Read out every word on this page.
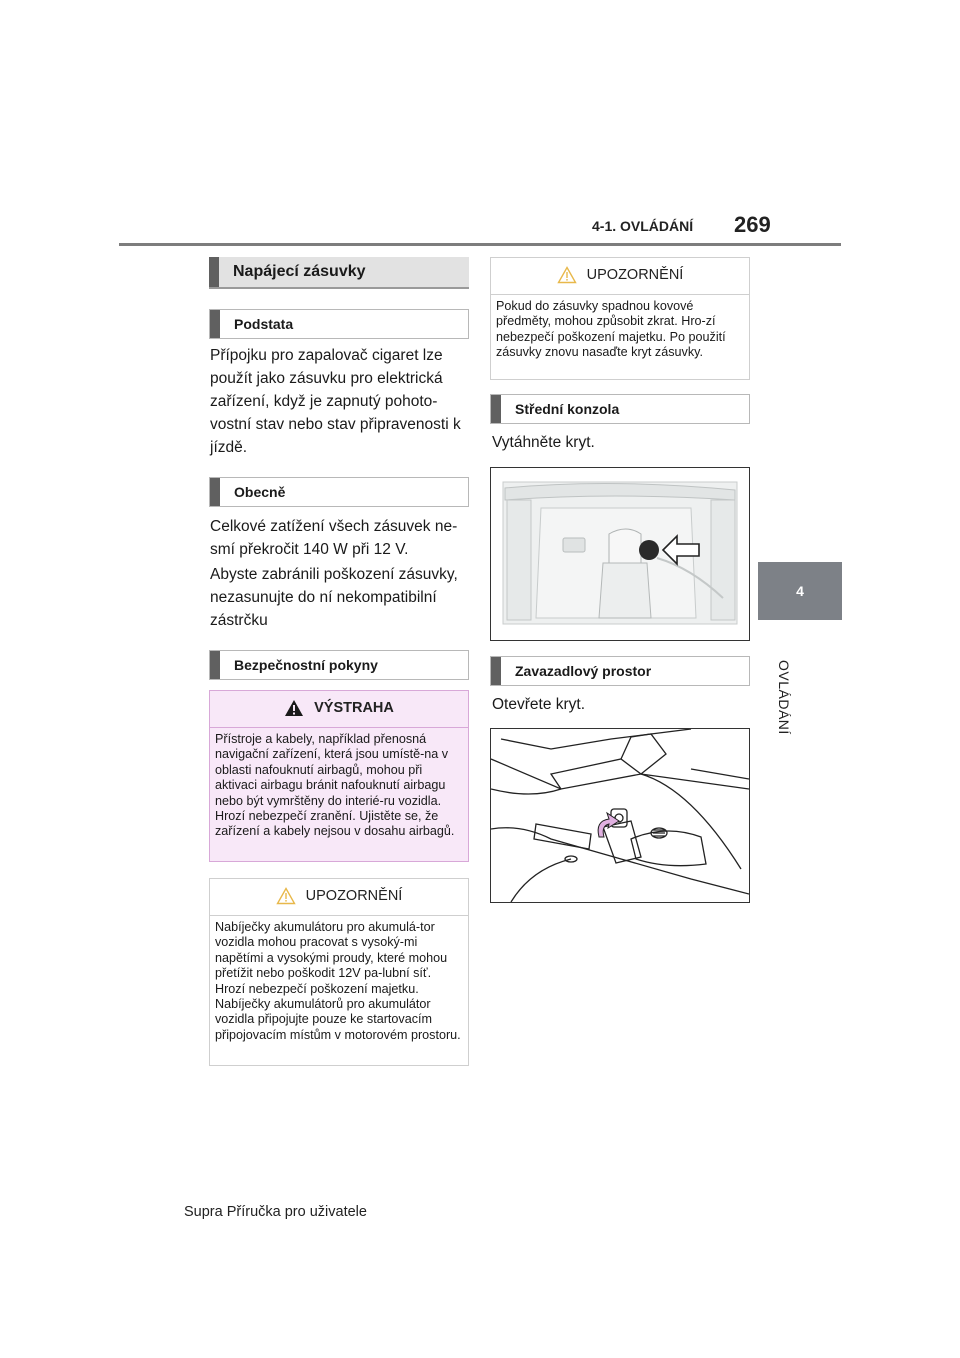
4-1. OVLÁDÁNÍ 269
4
OVLÁDÁNÍ
Napájecí zásuvky
Podstata

Přípojku pro zapalovač cigaret lze použít jako zásuvku pro elektrická zařízení, když je zapnutý pohoto-vostní stav nebo stav připravenosti k jízdě.

Obecně

Celkové zatížení všech zásuvek ne-smí překročit 140 W při 12 V.

Abyste zabránili poškození zásuvky, nezasunujte do ní nekompatibilní zástrčku

Bezpečnostní pokyny
VÝSTRAHA
Přístroje a kabely, například přenosná navigační zařízení, která jsou umístě-na v oblasti nafouknutí airbagů, mohou při aktivaci airbagu bránit nafouknutí airbagu nebo být vymrštěny do interié-ru vozidla. Hrozí nebezpečí zranění. Ujistěte se, že zařízení a kabely nejsou v dosahu airbagů.
UPOZORNĚNÍ
Nabíječky akumulátoru pro akumulá-tor vozidla mohou pracovat s vysoký-mi napětími a vysokými proudy, které mohou přetížit nebo poškodit 12V pa-lubní síť. Hrozí nebezpečí poškození majetku. Nabíječky akumulátorů pro akumulátor vozidla připojujte pouze ke startovacím připojovacím místům v motorovém prostoru.
UPOZORNĚNÍ
Pokud do zásuvky spadnou kovové předměty, mohou způsobit zkrat. Hro-zí nebezpečí poškození majetku. Po použití zásuvky znovu nasaďte kryt zásuvky.
Střední konzola

Vytáhněte kryt.

Zavazadlový prostor

Otevřete kryt.

Supra Příručka pro uživatele
